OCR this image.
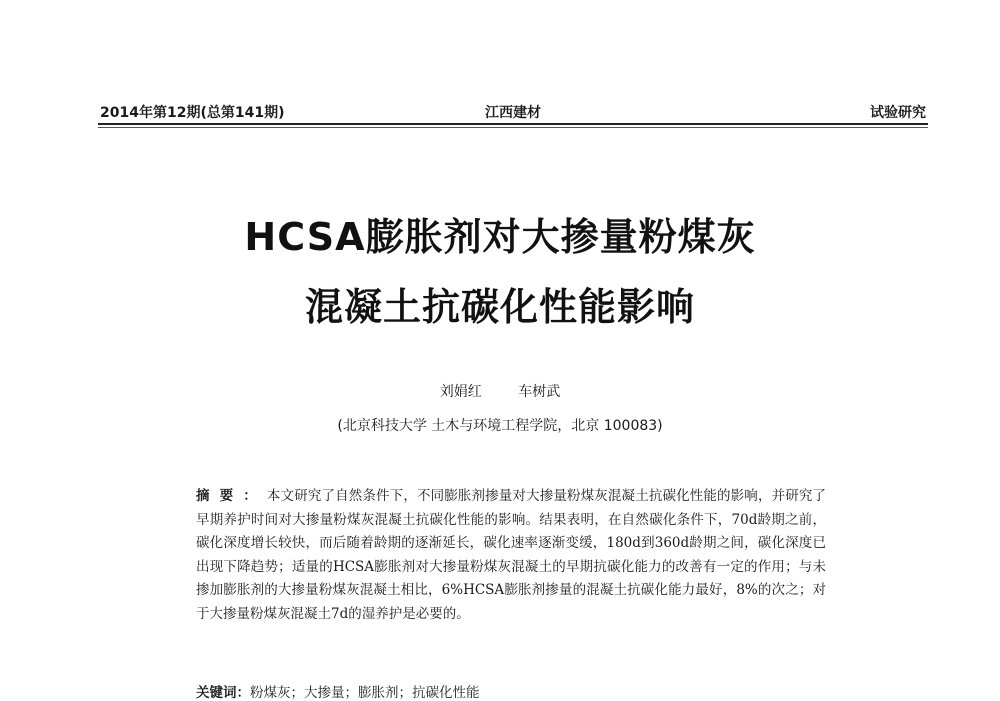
2014年第12期(总第141期)	江西建材	试验研究
HCSA膨胀剂对大掺量粉煤灰
混凝土抗碳化性能影响
刘娟红	车树武
(北京科技大学 土木与环境工程学院，北京 100083)
摘要：本文研究了自然条件下，不同膨胀剂掺量对大掺量粉煤灰混凝土抗碳化性能的影响，并研究了早期养护时间对大掺量粉煤灰混凝土抗碳化性能的影响。结果表明，在自然碳化条件下，70d龄期之前，碳化深度增长较快，而后随着龄期的逐渐延长，碳化速率逐渐变缓，180d到360d龄期之间，碳化深度已出现下降趋势；适量的HCSA膨胀剂对大掺量粉煤灰混凝土的早期抗碳化能力的改善有一定的作用；与未掺加膨胀剂的大掺量粉煤灰混凝土相比，6%HCSA膨胀剂掺量的混凝土抗碳化能力最好，8%的次之；对于大掺量粉煤灰混凝土7d的湿养护是必要的。
关键词：粉煤灰；大掺量；膨胀剂；抗碳化性能
